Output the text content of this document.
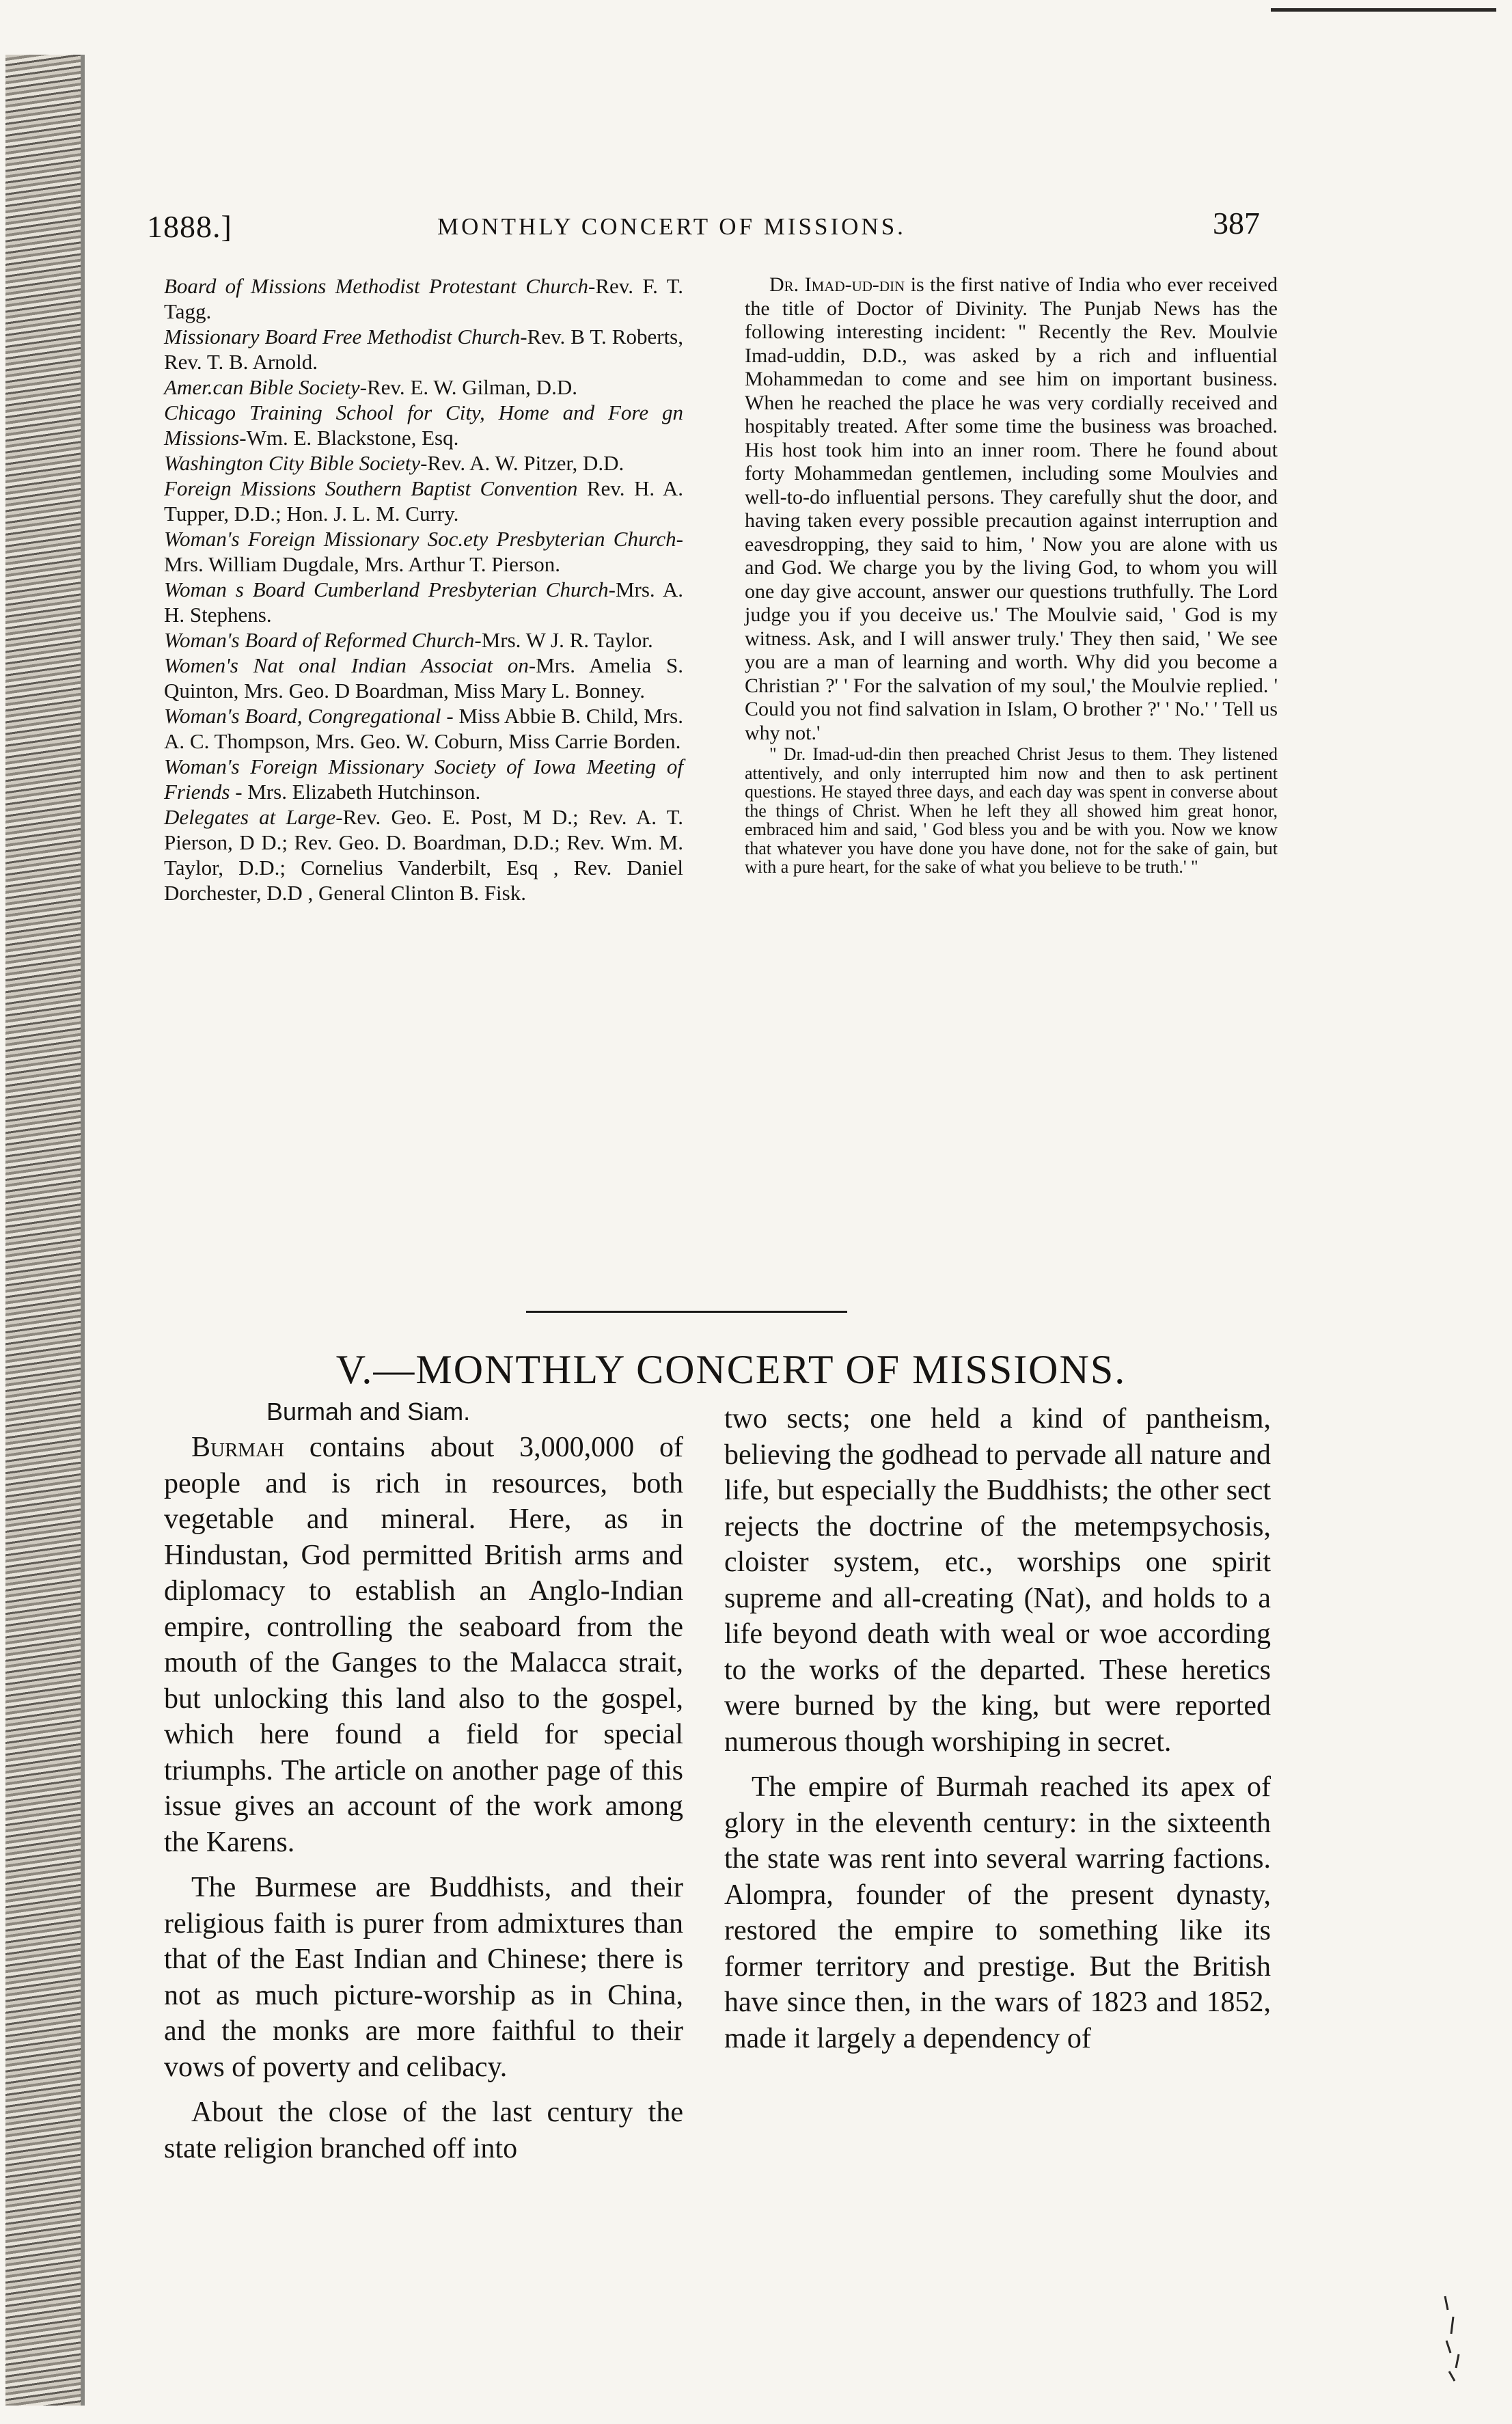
1888.]	MONTHLY CONCERT OF MISSIONS.	387

Board of Missions Methodist Protestant Church-Rev. F. T. Tagg.

Missionary Board Free Methodist Church-Rev. B T. Roberts, Rev. T. B. Arnold.

Amer.can Bible Society-Rev. E. W. Gilman, D.D.

Chicago Training School for City, Home and Fore gn Missions-Wm. E. Blackstone, Esq.

Washington City Bible Society-Rev. A. W. Pitzer, D.D.

Foreign Missions Southern Baptist Convention Rev. H. A. Tupper, D.D.; Hon. J. L. M. Curry.

Woman's Foreign Missionary Soc.ety Presbyterian Church-Mrs. William Dugdale, Mrs. Arthur T. Pierson.

Woman s Board Cumberland Presbyterian Church-Mrs. A. H. Stephens.

Woman's Board of Reformed Church-Mrs. W J. R. Taylor.

Women's Nat onal Indian Associat on-Mrs. Amelia S. Quinton, Mrs. Geo. D Boardman, Miss Mary L. Bonney.

Woman's Board, Congregational - Miss Abbie B. Child, Mrs. A. C. Thompson, Mrs. Geo. W. Coburn, Miss Carrie Borden.

Woman's Foreign Missionary Society of Iowa Meeting of Friends - Mrs. Elizabeth Hutchinson.

Delegates at Large-Rev. Geo. E. Post, M D.; Rev. A. T. Pierson, D D.; Rev. Geo. D. Boardman, D.D.; Rev. Wm. M. Taylor, D.D.; Cornelius Vanderbilt, Esq , Rev. Daniel Dorchester, D.D , General Clinton B. Fisk.

Dr. Imad-ud-din is the first native of India who ever received the title of Doctor of Divinity. The Punjab News has the following interesting incident: " Recently the Rev. Moulvie Imad-uddin, D.D., was asked by a rich and influential Mohammedan to come and see him on important business. When he reached the place he was very cordially received and hospitably treated. After some time the business was broached. His host took him into an inner room. There he found about forty Mohammedan gentlemen, including some Moulvies and well-to-do influential persons. They carefully shut the door, and having taken every possible precaution against interruption and eavesdropping, they said to him, ' Now you are alone with us and God. We charge you by the living God, to whom you will one day give account, answer our questions truthfully. The Lord judge you if you deceive us.' The Moulvie said, ' God is my witness. Ask, and I will answer truly.' They then said, ' We see you are a man of learning and worth. Why did you become a Christian ?' ' For the salvation of my soul,' the Moulvie replied. ' Could you not find salvation in Islam, O brother ?' ' No.' ' Tell us why not.'

" Dr. Imad-ud-din then preached Christ Jesus to them. They listened attentively, and only interrupted him now and then to ask pertinent questions. He stayed three days, and each day was spent in converse about the things of Christ. When he left they all showed him great honor, embraced him and said, ' God bless you and be with you. Now we know that whatever you have done you have done, not for the sake of gain, but with a pure heart, for the sake of what you believe to be truth.' "

V.—MONTHLY CONCERT OF MISSIONS.

Burmah and Siam.

Burmah contains about 3,000,000 of people and is rich in resources, both vegetable and mineral. Here, as in Hindustan, God permitted British arms and diplomacy to establish an Anglo-Indian empire, controlling the seaboard from the mouth of the Ganges to the Malacca strait, but unlocking this land also to the gospel, which here found a field for special triumphs. The article on another page of this issue gives an account of the work among the Karens.

The Burmese are Buddhists, and their religious faith is purer from admixtures than that of the East Indian and Chinese; there is not as much picture-worship as in China, and the monks are more faithful to their vows of poverty and celibacy.

About the close of the last century the state religion branched off into

two sects; one held a kind of pantheism, believing the godhead to pervade all nature and life, but especially the Buddhists; the other sect rejects the doctrine of the metempsychosis, cloister system, etc., worships one spirit supreme and all-creating (Nat), and holds to a life beyond death with weal or woe according to the works of the departed. These heretics were burned by the king, but were reported numerous though worshiping in secret.

The empire of Burmah reached its apex of glory in the eleventh century: in the sixteenth the state was rent into several warring factions. Alompra, founder of the present dynasty, restored the empire to something like its former territory and prestige. But the British have since then, in the wars of 1823 and 1852, made it largely a dependency of
